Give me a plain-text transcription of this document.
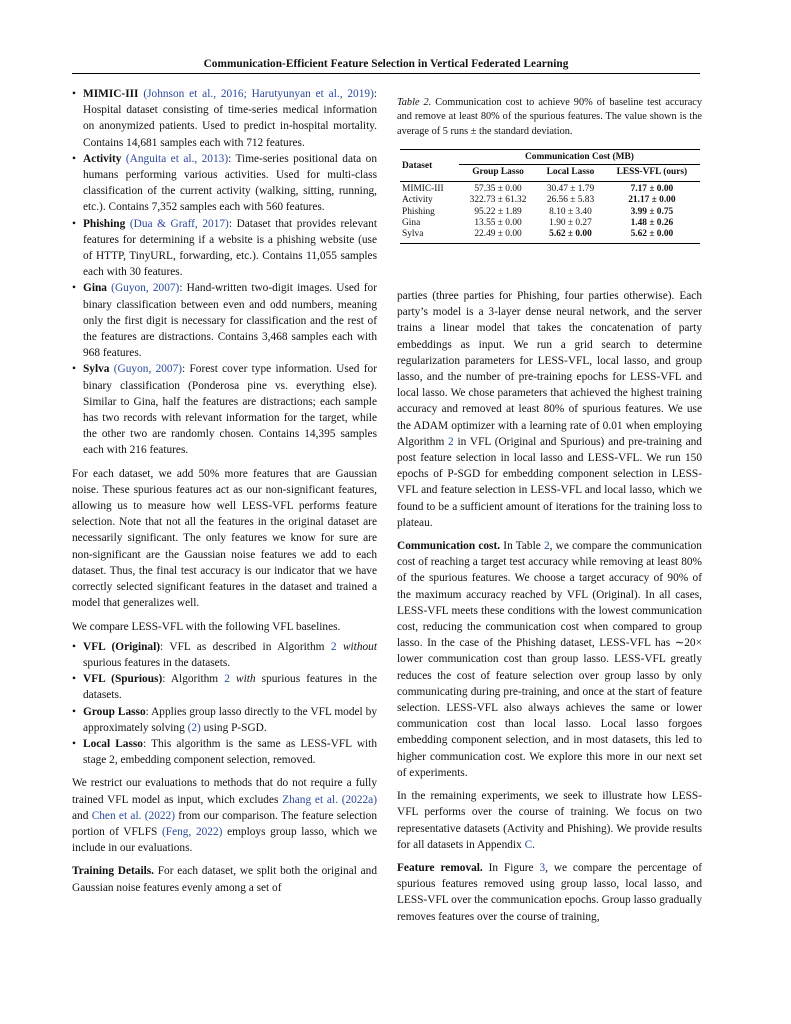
Communication-Efficient Feature Selection in Vertical Federated Learning
• MIMIC-III (Johnson et al., 2016; Harutyunyan et al., 2019): Hospital dataset consisting of time-series medical information on anonymized patients. Used to predict in-hospital mortality. Contains 14,681 samples each with 712 features.
• Activity (Anguita et al., 2013): Time-series positional data on humans performing various activities. Used for multi-class classification of the current activity (walking, sitting, running, etc.). Contains 7,352 samples each with 560 features.
• Phishing (Dua & Graff, 2017): Dataset that provides relevant features for determining if a website is a phishing website (use of HTTP, TinyURL, forwarding, etc.). Contains 11,055 samples each with 30 features.
• Gina (Guyon, 2007): Hand-written two-digit images. Used for binary classification between even and odd numbers, meaning only the first digit is necessary for classification and the rest of the features are distractions. Contains 3,468 samples each with 968 features.
• Sylva (Guyon, 2007): Forest cover type information. Used for binary classification (Ponderosa pine vs. everything else). Similar to Gina, half the features are distractions; each sample has two records with relevant information for the target, while the other two are randomly chosen. Contains 14,395 samples each with 216 features.

For each dataset, we add 50% more features that are Gaussian noise. These spurious features act as our non-significant features, allowing us to measure how well LESS-VFL performs feature selection. Note that not all the features in the original dataset are necessarily significant. The only features we know for sure are non-significant are the Gaussian noise features we add to each dataset. Thus, the final test accuracy is our indicator that we have correctly selected significant features in the dataset and trained a model that generalizes well.

We compare LESS-VFL with the following VFL baselines.

• VFL (Original): VFL as described in Algorithm 2 without spurious features in the datasets.
• VFL (Spurious): Algorithm 2 with spurious features in the datasets.
• Group Lasso: Applies group lasso directly to the VFL model by approximately solving (2) using P-SGD.
• Local Lasso: This algorithm is the same as LESS-VFL with stage 2, embedding component selection, removed.

We restrict our evaluations to methods that do not require a fully trained VFL model as input, which excludes Zhang et al. (2022a) and Chen et al. (2022) from our comparison. The feature selection portion of VFLFS (Feng, 2022) employs group lasso, which we include in our evaluations.

Training Details. For each dataset, we split both the original and Gaussian noise features evenly among a set of

Table 2. Communication cost to achieve 90% of baseline test accuracy and remove at least 80% of the spurious features. The value shown is the average of 5 runs ± the standard deviation.
Dataset	Communication Cost (MB)		
	Group Lasso	Local Lasso	LESS-VFL (ours)
MIMIC-III	57.35 ± 0.00	30.47 ± 1.79	7.17 ± 0.00
Activity	322.73 ± 61.32	26.56 ± 5.83	21.17 ± 0.00
Phishing	95.22 ± 1.89	8.10 ± 3.40	3.99 ± 0.75
Gina	13.55 ± 0.00	1.90 ± 0.27	1.48 ± 0.26
Sylva	22.49 ± 0.00	5.62 ± 0.00	5.62 ± 0.00

parties (three parties for Phishing, four parties otherwise). Each party’s model is a 3-layer dense neural network, and the server trains a linear model that takes the concatenation of party embeddings as input. We run a grid search to determine regularization parameters for LESS-VFL, local lasso, and group lasso, and the number of pre-training epochs for LESS-VFL and local lasso. We chose parameters that achieved the highest training accuracy and removed at least 80% of spurious features. We use the ADAM optimizer with a learning rate of 0.01 when employing Algorithm 2 in VFL (Original and Spurious) and pre-training and post feature selection in local lasso and LESS-VFL. We run 150 epochs of P-SGD for embedding component selection in LESS-VFL and feature selection in LESS-VFL and local lasso, which we found to be a sufficient amount of iterations for the training loss to plateau.

Communication cost. In Table 2, we compare the communication cost of reaching a target test accuracy while removing at least 80% of the spurious features. We choose a target accuracy of 90% of the maximum accuracy reached by VFL (Original). In all cases, LESS-VFL meets these conditions with the lowest communication cost, reducing the communication cost when compared to group lasso. In the case of the Phishing dataset, LESS-VFL has ∼20× lower communication cost than group lasso. LESS-VFL greatly reduces the cost of feature selection over group lasso by only communicating during pre-training, and once at the start of feature selection. LESS-VFL also always achieves the same or lower communication cost than local lasso. Local lasso forgoes embedding component selection, and in most datasets, this led to higher communication cost. We explore this more in our next set of experiments.

In the remaining experiments, we seek to illustrate how LESS-VFL performs over the course of training. We focus on two representative datasets (Activity and Phishing). We provide results for all datasets in Appendix C.

Feature removal. In Figure 3, we compare the percentage of spurious features removed using group lasso, local lasso, and LESS-VFL over the communication epochs. Group lasso gradually removes features over the course of training,
